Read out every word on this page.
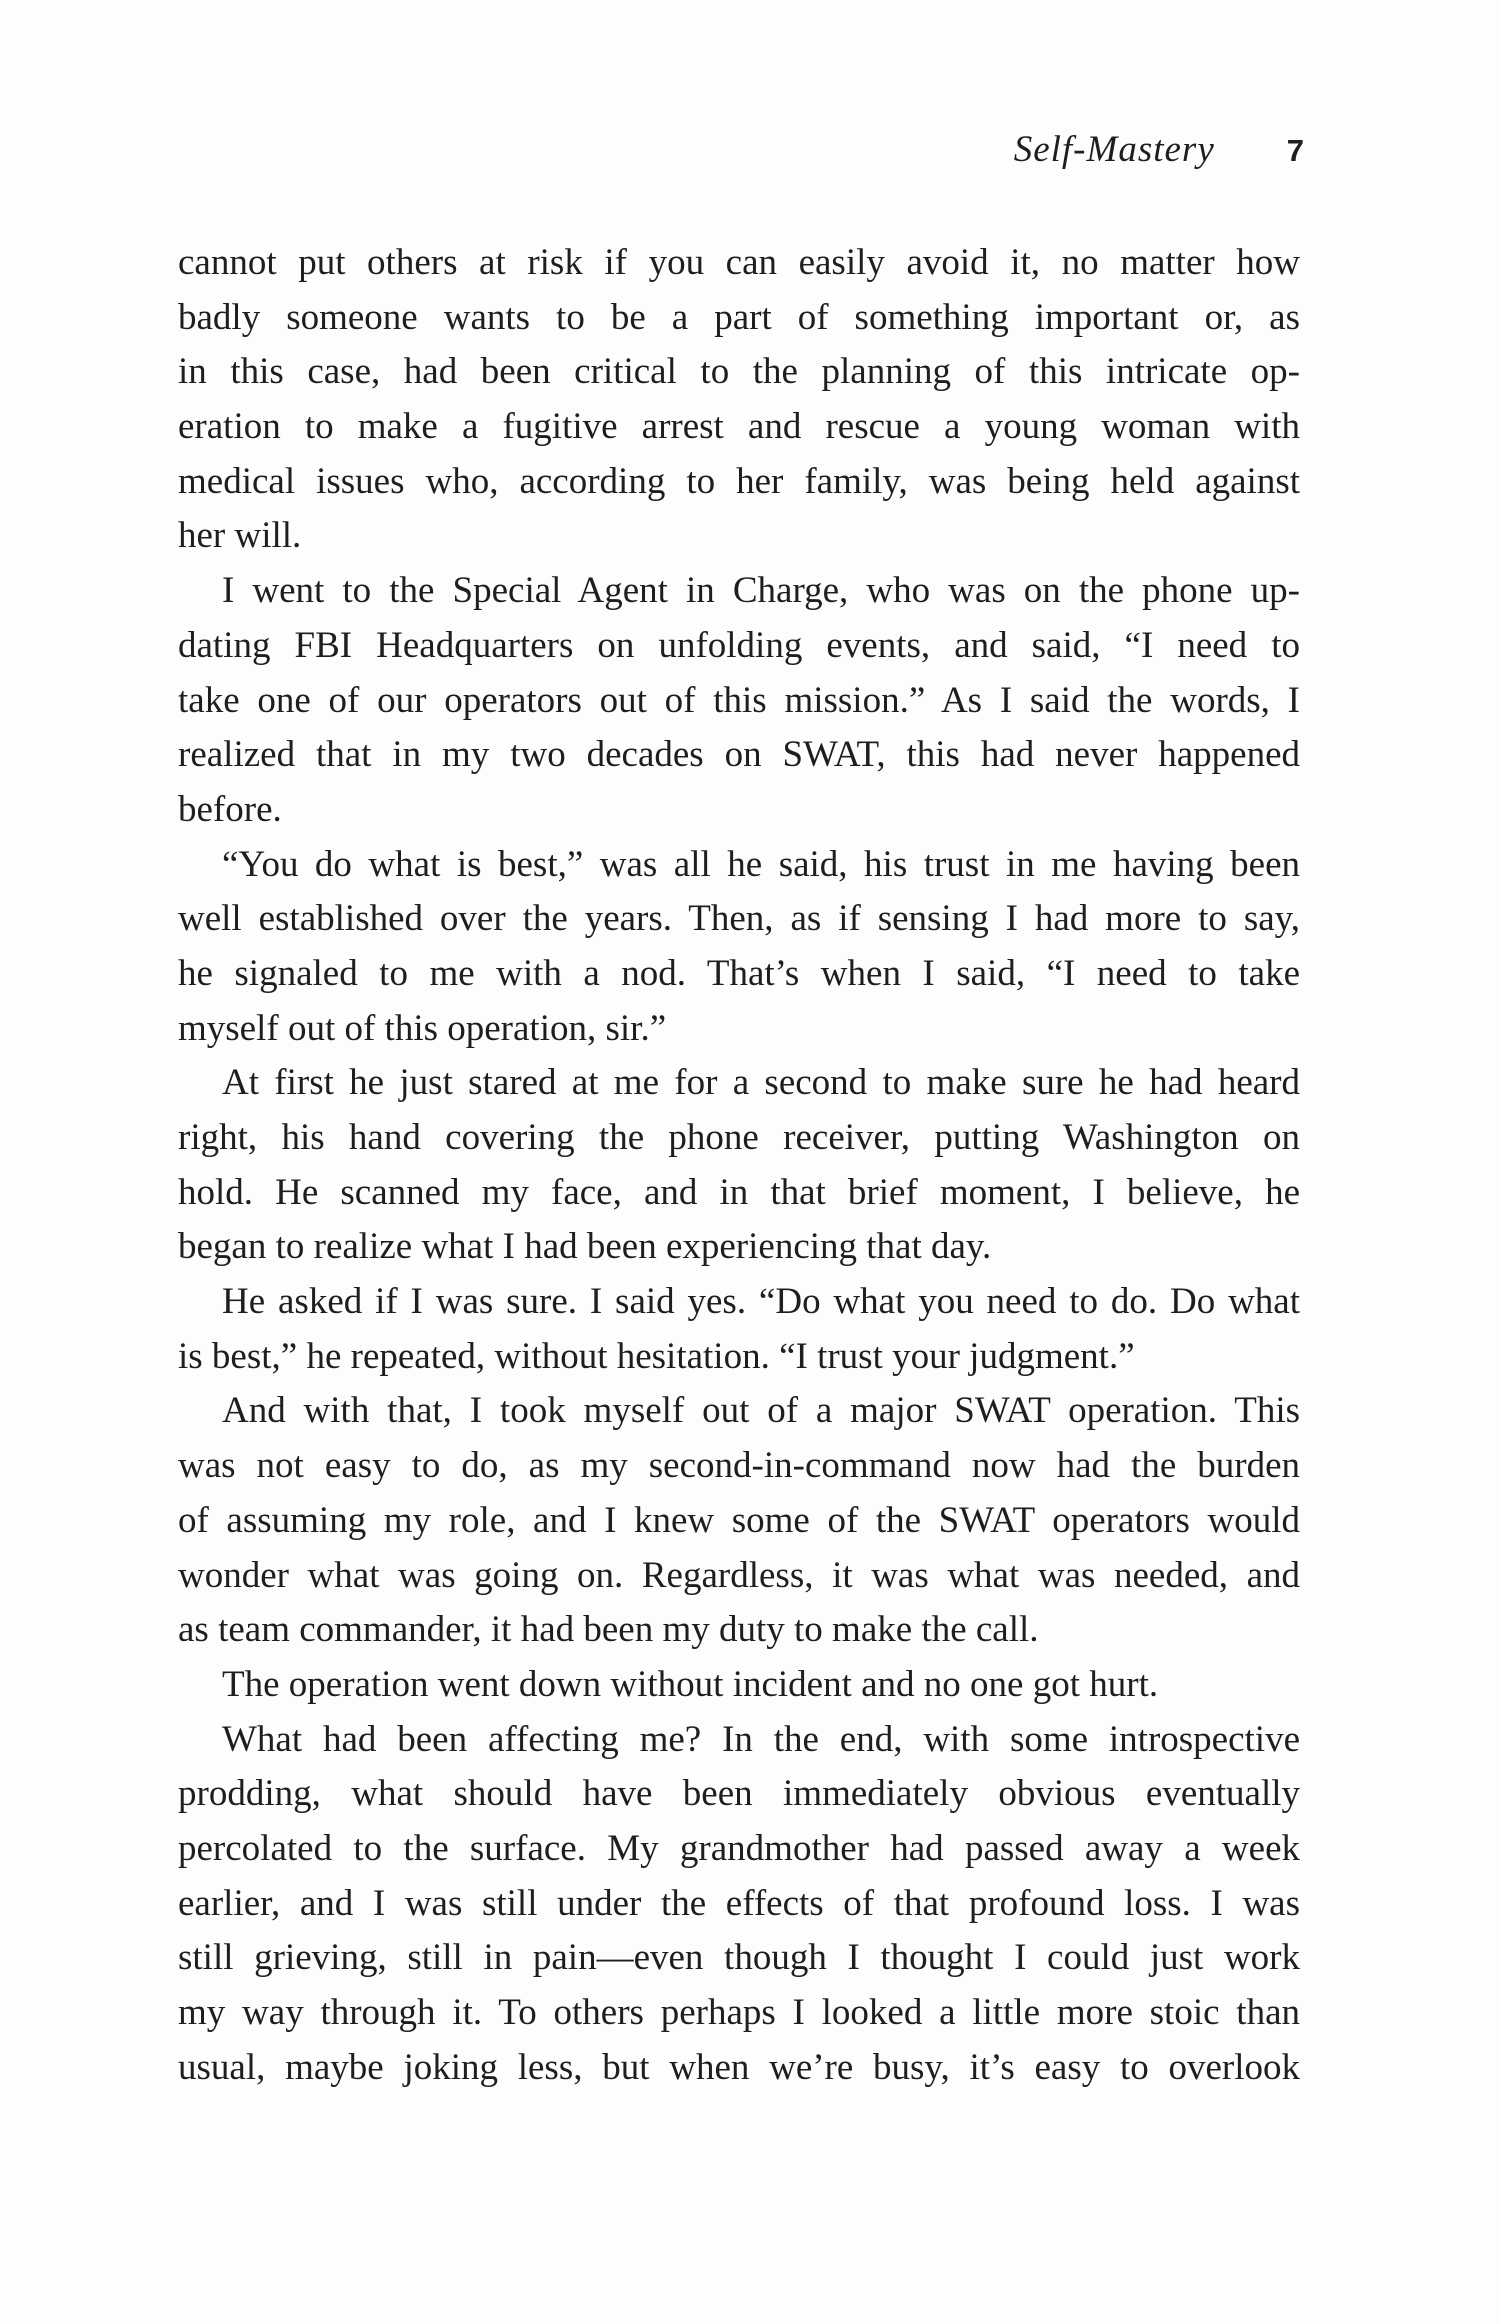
Self-Mastery 7
cannot put others at risk if you can easily avoid it, no matter how
badly someone wants to be a part of something important or, as
in this case, had been critical to the planning of this intricate op-
eration to make a fugitive arrest and rescue a young woman with
medical issues who, according to her family, was being held against
her will.
I went to the Special Agent in Charge, who was on the phone up-
dating FBI Headquarters on unfolding events, and said, “I need to
take one of our operators out of this mission.” As I said the words, I
realized that in my two decades on SWAT, this had never happened
before.
“You do what is best,” was all he said, his trust in me having been
well established over the years. Then, as if sensing I had more to say,
he signaled to me with a nod. That’s when I said, “I need to take
myself out of this operation, sir.”
At first he just stared at me for a second to make sure he had heard
right, his hand covering the phone receiver, putting Washington on
hold. He scanned my face, and in that brief moment, I believe, he
began to realize what I had been experiencing that day.
He asked if I was sure. I said yes. “Do what you need to do. Do what
is best,” he repeated, without hesitation. “I trust your judgment.”
And with that, I took myself out of a major SWAT operation. This
was not easy to do, as my second-in-command now had the burden
of assuming my role, and I knew some of the SWAT operators would
wonder what was going on. Regardless, it was what was needed, and
as team commander, it had been my duty to make the call.
The operation went down without incident and no one got hurt.
What had been affecting me? In the end, with some introspective
prodding, what should have been immediately obvious eventually
percolated to the surface. My grandmother had passed away a week
earlier, and I was still under the effects of that profound loss. I was
still grieving, still in pain—even though I thought I could just work
my way through it. To others perhaps I looked a little more stoic than
usual, maybe joking less, but when we’re busy, it’s easy to overlook
